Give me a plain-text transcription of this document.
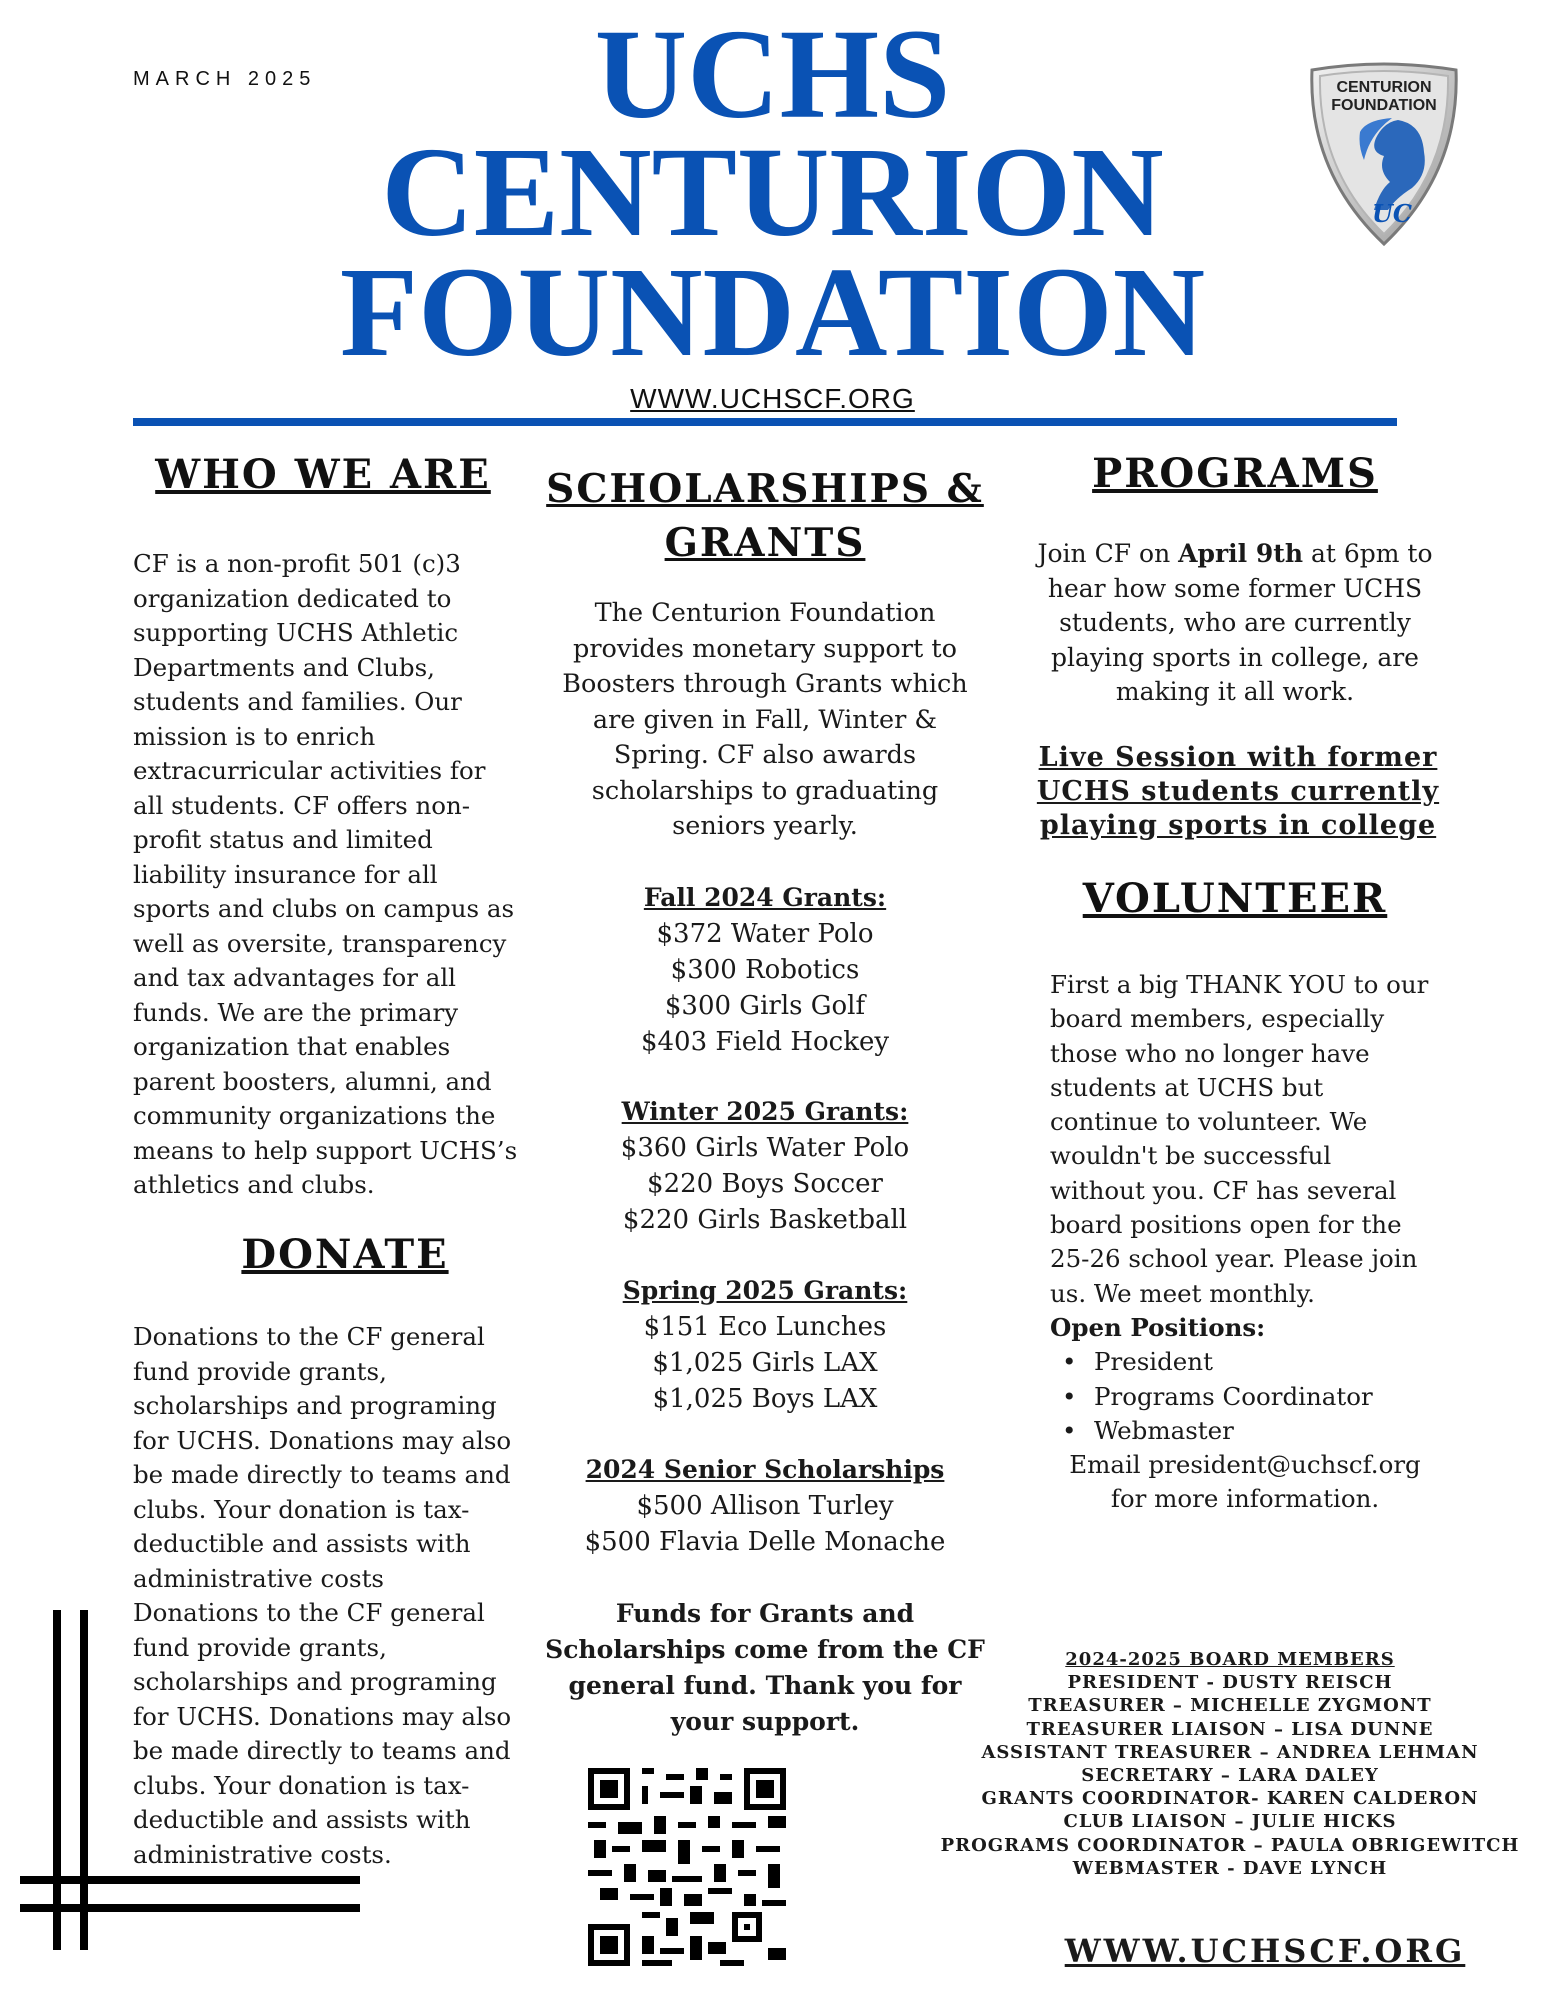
MARCH 2025	UCHS
CENTURION
FOUNDATION
CENTURION
FOUNDATION
UC
WWW.UCHSCF.ORG
WHO WE ARE
CF is a non-profit 501 (c)3
organization dedicated to
supporting UCHS Athletic
Departments and Clubs,
students and families. Our
mission is to enrich
extracurricular activities for
all students. CF offers non-
profit status and limited
liability insurance for all
sports and clubs on campus as
well as oversite, transparency
and tax advantages for all
funds. We are the primary
organization that enables
parent boosters, alumni, and
community organizations the
means to help support UCHS’s
athletics and clubs.
DONATE
Donations to the CF general
fund provide grants,
scholarships and programing
for UCHS. Donations may also
be made directly to teams and
clubs. Your donation is tax-
deductible and assists with
administrative costs
Donations to the CF general
fund provide grants,
scholarships and programing
for UCHS. Donations may also
be made directly to teams and
clubs. Your donation is tax-
deductible and assists with
administrative costs.
SCHOLARSHIPS &
GRANTS
The Centurion Foundation
provides monetary support to
Boosters through Grants which
are given in Fall, Winter &
Spring. CF also awards
scholarships to graduating
seniors yearly.
Fall 2024 Grants:
$372 Water Polo
$300 Robotics
$300 Girls Golf
$403 Field Hockey
Winter 2025 Grants:
$360 Girls Water Polo
$220 Boys Soccer
$220 Girls Basketball
Spring 2025 Grants:
$151 Eco Lunches
$1,025 Girls LAX
$1,025 Boys LAX
2024 Senior Scholarships
$500 Allison Turley
$500 Flavia Delle Monache
Funds for Grants and
Scholarships come from the CF
general fund. Thank you for
your support.
PROGRAMS
Join CF on April 9th at 6pm to
hear how some former UCHS
students, who are currently
playing sports in college, are
making it all work.
Live Session with former
UCHS students currently
playing sports in college
VOLUNTEER
First a big THANK YOU to our
board members, especially
those who no longer have
students at UCHS but
continue to volunteer. We
wouldn't be successful
without you. CF has several
board positions open for the
25-26 school year. Please join
us. We meet monthly.
Open Positions:
• President
• Programs Coordinator
• Webmaster
Email president@uchscf.org
for more information.
2024-2025 BOARD MEMBERS
PRESIDENT - DUSTY REISCH
TREASURER – MICHELLE ZYGMONT
TREASURER LIAISON – LISA DUNNE
ASSISTANT TREASURER – ANDREA LEHMAN
SECRETARY – LARA DALEY
GRANTS COORDINATOR- KAREN CALDERON
CLUB LIAISON – JULIE HICKS
PROGRAMS COORDINATOR – PAULA OBRIGEWITCH
WEBMASTER - DAVE LYNCH
WWW.UCHSCF.ORG
